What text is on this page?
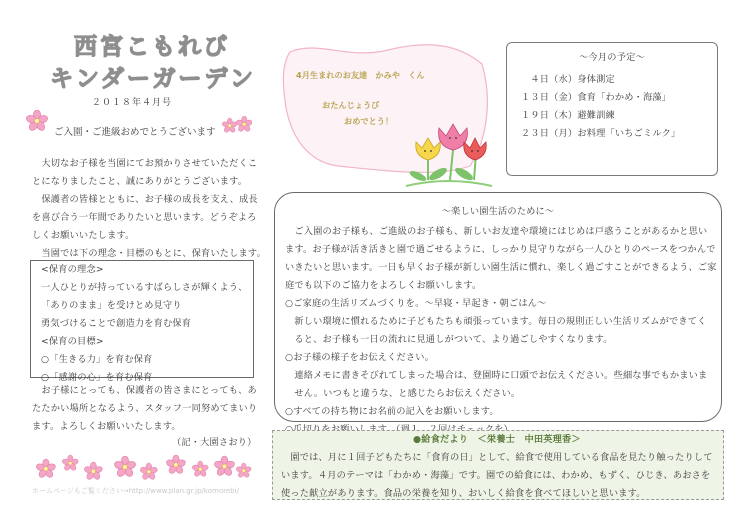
西宮こもれび
キンダーガーデン
２０１８年４月号
ご入園・ご進級おめでとうございます
　大切なお子様を当園にてお預かりさせていただくこ
とになりましたこと、誠にありがとうございます。
　保護者の皆様とともに、お子様の成長を支え、成長
を喜び合う一年間でありたいと思います。どうぞよろ
しくお願いいたします。
　当園では下の理念・目標のもとに、保育いたします。
<保育の理念>
一人ひとりが持っているすばらしさが輝くよう、
「ありのまま」を受けとめ見守り
勇気づけることで創造力を育む保育
<保育の目標>
○「生きる力」を育む保育
○「感謝の心」を育む保育
　お子様にとっても、保護者の皆さまにとっても、あ
たたかい場所となるよう、スタッフ一同努めてまいり
ます。よろしくお願いいたします。
（記・大園さおり）
ホームページもご覧ください→http://www.plan.gr.jp/komorebi/
4月生まれのお友達　かみや　くん
おたんじょうび
おめでとう！
～今月の予定～
　４日（水）身体測定
１３日（金）食育「わかめ・海藻」
１９日（木）避難訓練
２３日（月）お料理「いちごミルク」
～楽しい園生活のために～
　ご入園のお子様も、ご進級のお子様も、新しいお友達や環境にはじめは戸惑うことがあるかと思い
ます。お子様が活き活きと園で過ごせるように、しっかり見守りながら一人ひとりのペースをつかんで
いきたいと思います。一日も早くお子様が新しい園生活に慣れ、楽しく過ごすことができるよう、ご家
庭でも以下のご協力をよろしくお願いします。
○ご家庭の生活リズムづくりを。～早寝・早起き・朝ごはん～
　新しい環境に慣れるために子どもたちも頑張っています。毎日の規則正しい生活リズムができてく
　ると、お子様も一日の流れに見通しがついて、より過ごしやすくなります。
○お子様の様子をお伝えください。
　連絡メモに書きそびれてしまった場合は、登園時に口頭でお伝えください。些細な事でもかまいま
　せん。いつもと違うな、と感じたらお伝えください。
○すべての持ち物にお名前の記入をお願いします。
●給食だより　＜栄養士　中田英理香＞
　園では、月に１回子どもたちに「食育の日」として、給食で使用している食品を見たり触ったりして
います。４月のテーマは「わかめ・海藻」です。園での給食には、わかめ、もずく、ひじき、あおさを
使った献立があります。食品の栄養を知り、おいしく給食を食べてほしいと思います。
